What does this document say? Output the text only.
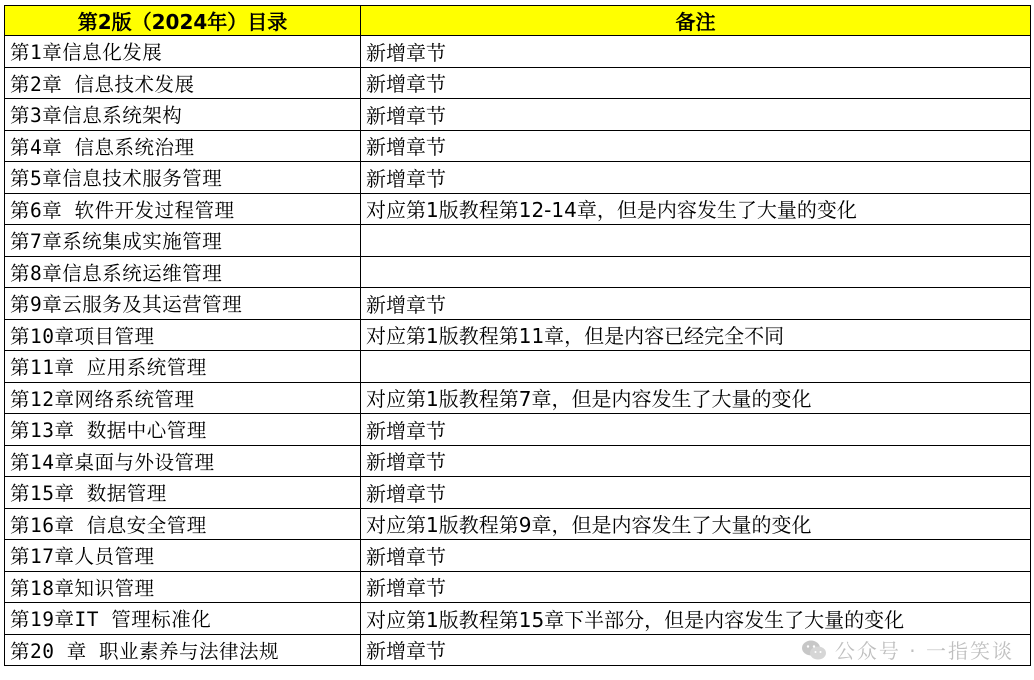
第2版（2024年）目录	备注
第1章信息化发展	新增章节
第2章 信息技术发展	新增章节
第3章信息系统架构	新增章节
第4章 信息系统治理	新增章节
第5章信息技术服务管理	新增章节
第6章 软件开发过程管理	对应第1版教程第12-14章，但是内容发生了大量的变化
第7章系统集成实施管理	
第8章信息系统运维管理	
第9章云服务及其运营管理	新增章节
第10章项目管理	对应第1版教程第11章，但是内容已经完全不同
第11章 应用系统管理	
第12章网络系统管理	对应第1版教程第7章，但是内容发生了大量的变化
第13章 数据中心管理	新增章节
第14章桌面与外设管理	新增章节
第15章 数据管理	新增章节
第16章 信息安全管理	对应第1版教程第9章，但是内容发生了大量的变化
第17章人员管理	新增章节
第18章知识管理	新增章节
第19章IT 管理标准化	对应第1版教程第15章下半部分，但是内容发生了大量的变化
第20 章 职业素养与法律法规	新增章节	公众号 · 一指笑谈
